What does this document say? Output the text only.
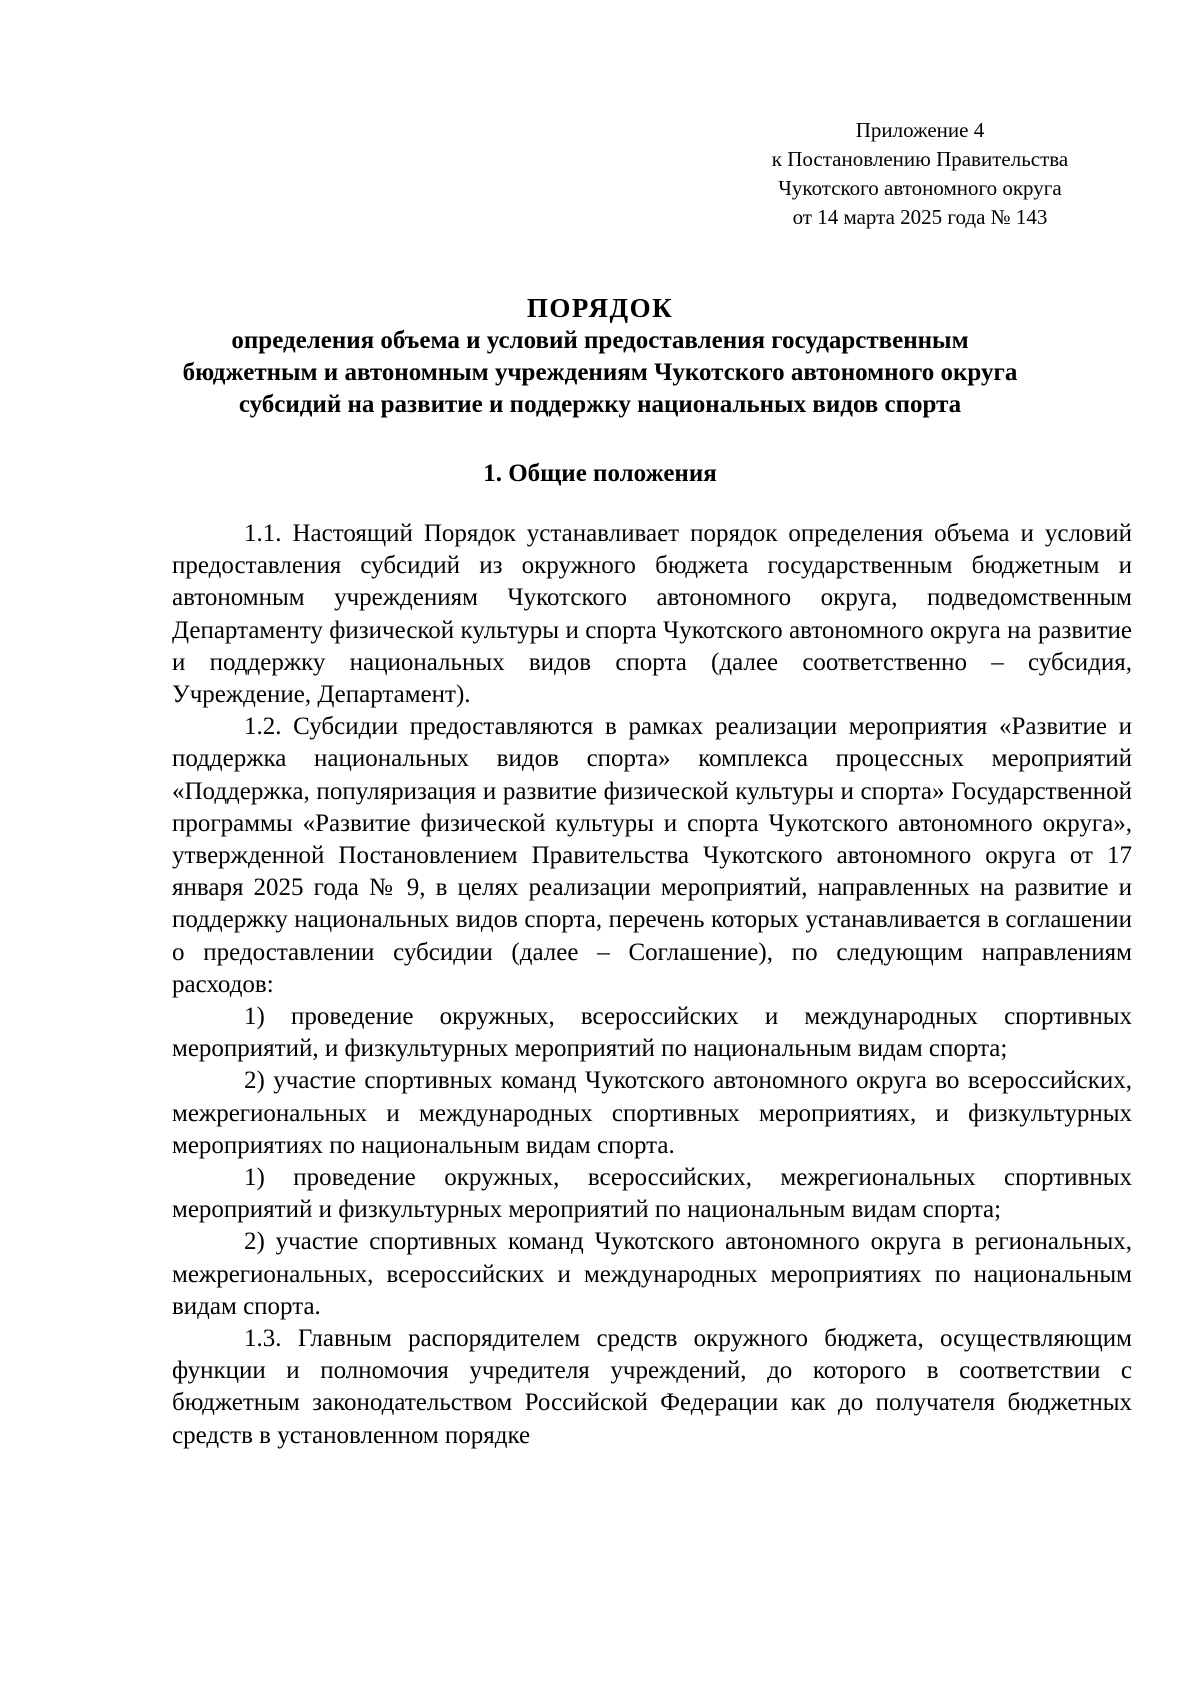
Приложение 4
к Постановлению Правительства
Чукотского автономного округа
от 14 марта 2025 года № 143
ПОРЯДОК
определения объема и условий предоставления государственным
бюджетным и автономным учреждениям Чукотского автономного округа
субсидий на развитие и поддержку национальных видов спорта
1. Общие положения

1.1. Настоящий Порядок устанавливает порядок определения объема и условий предоставления субсидий из окружного бюджета государственным бюджетным и автономным учреждениям Чукотского автономного округа, подведомственным Департаменту физической культуры и спорта Чукотского автономного округа на развитие и поддержку национальных видов спорта (далее соответственно – субсидия, Учреждение, Департамент).

1.2. Субсидии предоставляются в рамках реализации мероприятия «Развитие и поддержка национальных видов спорта» комплекса процессных мероприятий «Поддержка, популяризация и развитие физической культуры и спорта» Государственной программы «Развитие физической культуры и спорта Чукотского автономного округа», утвержденной Постановлением Правительства Чукотского автономного округа от 17 января 2025 года № 9, в целях реализации мероприятий, направленных на развитие и поддержку национальных видов спорта, перечень которых устанавливается в соглашении о предоставлении субсидии (далее – Соглашение), по следующим направлениям расходов:

1) проведение окружных, всероссийских и международных спортивных мероприятий, и физкультурных мероприятий по национальным видам спорта;

2) участие спортивных команд Чукотского автономного округа во всероссийских, межрегиональных и международных спортивных мероприятиях, и физкультурных мероприятиях по национальным видам спорта.

1) проведение окружных, всероссийских, межрегиональных спортивных мероприятий и физкультурных мероприятий по национальным видам спорта;

2) участие спортивных команд Чукотского автономного округа в региональных, межрегиональных, всероссийских и международных мероприятиях по национальным видам спорта.

1.3. Главным распорядителем средств окружного бюджета, осуществляющим функции и полномочия учредителя учреждений, до которого в соответствии с бюджетным законодательством Российской Федерации как до получателя бюджетных средств в установленном порядке
